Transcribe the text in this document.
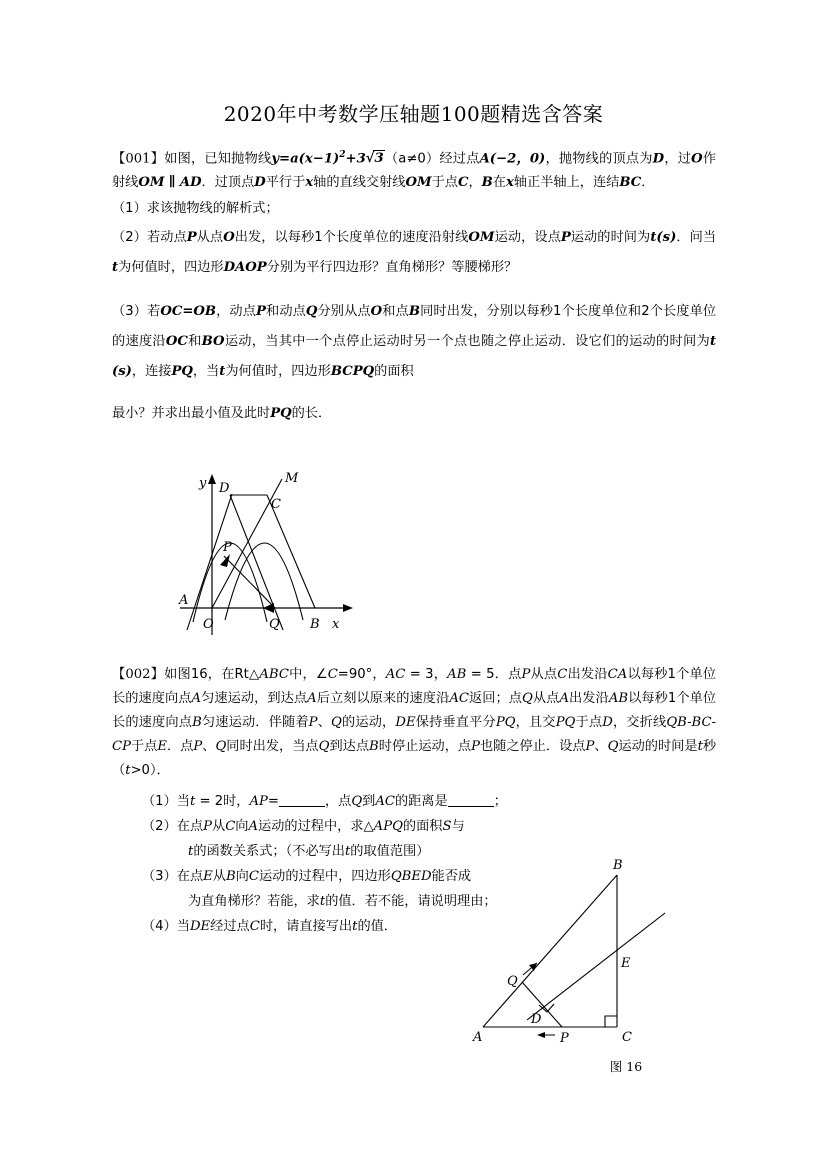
2020年中考数学压轴题100题精选含答案
【001】如图，已知抛物线$y=a(x-1)^2+3√3(a\ne 0)$经过点A(−2，0)，抛物线的顶点为D，过O作射线OM ∥ AD．过顶点D平行于x轴的直线交射线OM于点C，B在x轴正半轴上，连结BC．
（1）求该抛物线的解析式；
（2）若动点P从点O出发，以每秒1个长度单位的速度沿射线OM运动，设点P运动的时间为t(s)．问当t为何值时，四边形DAOP分别为平行四边形？直角梯形？等腰梯形？
（3）若OC=OB，动点P和动点Q分别从点O和点B同时出发，分别以每秒1个长度单位和2个长度单位的速度沿OC和BO运动，当其中一个点停止运动时另一个点也随之停止运动．设它们的运动的时间为t (s)，连接PQ，当t为何值时，四边形BCPQ的面积
最小？并求出最小值及此时PQ的长．
y	M
D
C
P
A
O	Q B x
【002】如图16，在Rt△ABC中，∠C=90°，AC = 3，AB = 5．点P从点C出发沿CA以每秒1个单位长的速度向点A匀速运动，到达点A后立刻以原来的速度沿AC返回；点Q从点A出发沿AB以每秒1个单位长的速度向点B匀速运动．伴随着P、Q的运动，DE保持垂直平分PQ，且交PQ于点D，交折线QB-BC-CP于点E．点P、Q同时出发，当点Q到达点B时停止运动，点P也随之停止．设点P、Q运动的时间是t秒（t>0）．
（1）当t = 2时，AP=	，点Q到AC的距离是	；
（2）在点P从C向A运动的过程中，求△APQ的面积S与
t的函数关系式；（不必写出t的取值范围）
（3）在点E从B向C运动的过程中，四边形QBED能否成
为直角梯形？若能，求t的值．若不能，请说明理由；
（4）当DE经过点C时，请直接写出t的值．
A
B
C
D
E
P
Q
图 16
